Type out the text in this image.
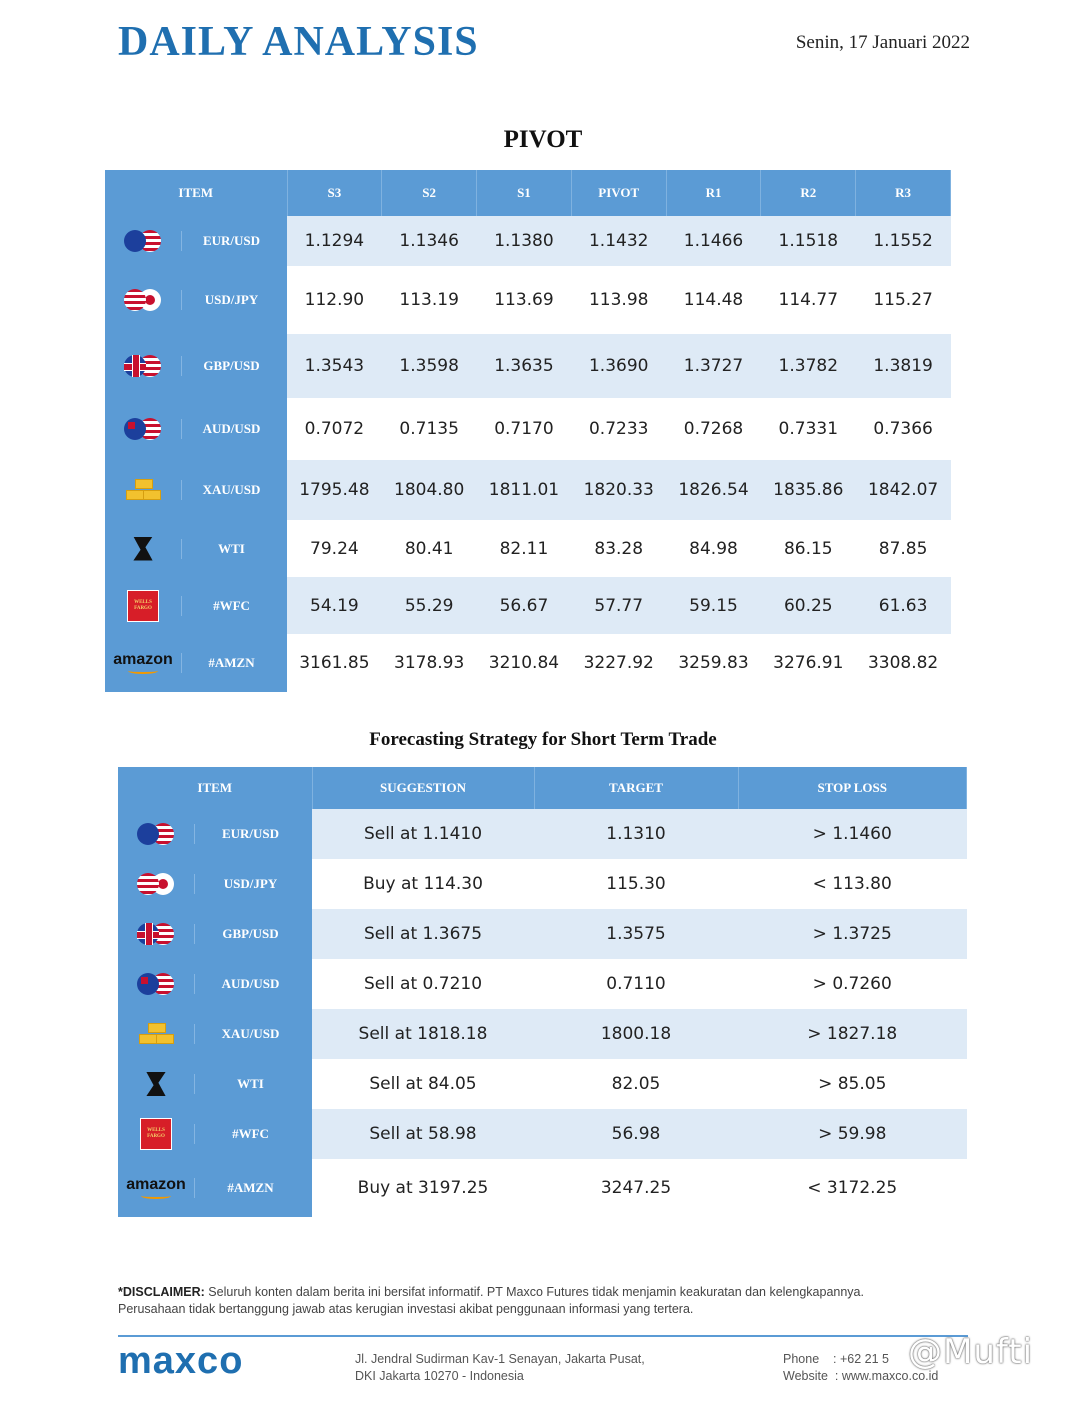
DAILY ANALYSIS	Senin, 17 Januari 2022
PIVOT
ITEM	S3	S2	S1	PIVOT	R1	R2	R3

EUR/USD	1.1294	1.1346	1.1380	1.1432	1.1466	1.1518	1.1552

USD/JPY	112.90	113.19	113.69	113.98	114.48	114.77	115.27

GBP/USD	1.3543	1.3598	1.3635	1.3690	1.3727	1.3782	1.3819

AUD/USD	0.7072	0.7135	0.7170	0.7233	0.7268	0.7331	0.7366

XAU/USD	1795.48	1804.80	1811.01	1820.33	1826.54	1835.86	1842.07

WTI	79.24	80.41	82.11	83.28	84.98	86.15	87.85

WELLS FARGO #WFC	54.19	55.29	56.67	57.77	59.15	60.25	61.63

amazon #AMZN	3161.85	3178.93	3210.84	3227.92	3259.83	3276.91	3308.82
Forecasting Strategy for Short Term Trade
ITEM	SUGGESTION	TARGET	STOP LOSS

EUR/USD	Sell at 1.1410	1.1310	> 1.1460

USD/JPY	Buy at 114.30	115.30	< 113.80

GBP/USD	Sell at 1.3675	1.3575	> 1.3725

AUD/USD	Sell at 0.7210	0.7110	> 0.7260

XAU/USD	Sell at 1818.18	1800.18	> 1827.18

WTI	Sell at 84.05	82.05	> 85.05

WELLS FARGO #WFC	Sell at 58.98	56.98	> 59.98

amazon #AMZN	Buy at 3197.25	3247.25	< 3172.25
*DISCLAIMER: Seluruh konten dalam berita ini bersifat informatif. PT Maxco Futures tidak menjamin keakuratan dan kelengkapannya.
Perusahaan tidak bertanggung jawab atas kerugian investasi akibat penggunaan informasi yang tertera.
maxco	Jl. Jendral Sudirman Kav-1 Senayan, Jakarta Pusat,
DKI Jakarta 10270 - Indonesia
Phone    : +62 21 5
Website  : www.maxco.co.id
@Mufti
